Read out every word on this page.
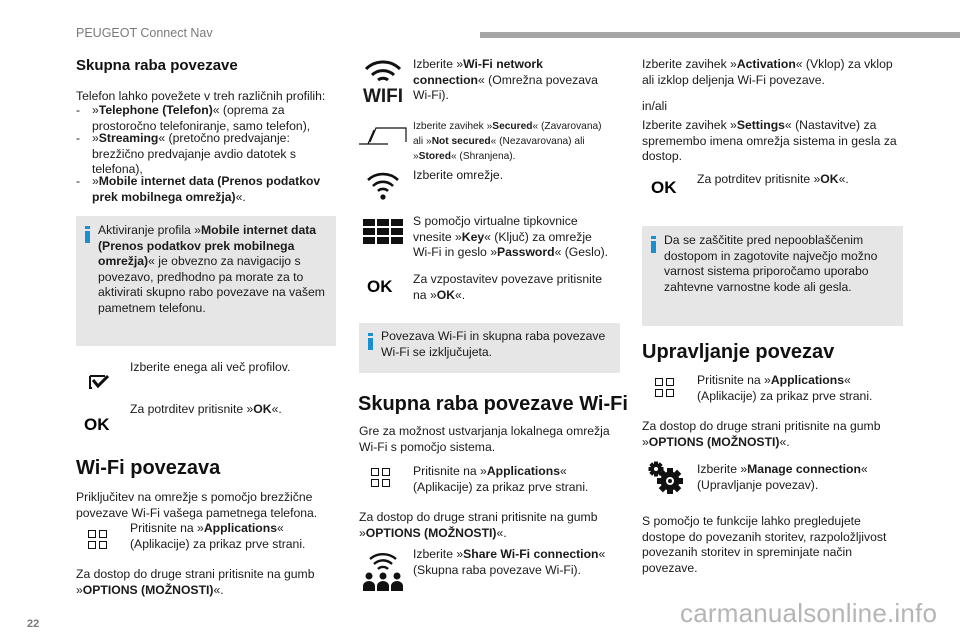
PEUGEOT Connect Nav
22	carmanualsonline.info
Skupna raba povezave
Telefon lahko povežete v treh različnih profilih:
- »Telephone (Telefon)« (oprema za
prostoročno telefoniranje, samo telefon),
- »Streaming« (pretočno predvajanje:
brezžično predvajanje avdio datotek s
telefona),
- »Mobile internet data (Prenos podatkov
prek mobilnega omrežja)«.
Aktiviranje profila »Mobile internet data
(Prenos podatkov prek mobilnega
omrežja)« je obvezno za navigacijo s
povezavo, predhodno pa morate za to
aktivirati skupno rabo povezave na vašem
pametnem telefonu.
Izberite enega ali več profilov.
OK
Za potrditev pritisnite »OK«.
Wi-Fi povezava
Priključitev na omrežje s pomočjo brezžične
povezave Wi-Fi vašega pametnega telefona.
Pritisnite na »Applications«
(Aplikacije) za prikaz prve strani.
Za dostop do druge strani pritisnite na gumb
»OPTIONS (MOŽNOSTI)«.
WIFI
Izberite »Wi-Fi network
connection« (Omrežna povezava
Wi-Fi).
Izberite zavihek »Secured« (Zavarovana)
ali »Not secured« (Nezavarovana) ali
»Stored« (Shranjena).
Izberite omrežje.
S pomočjo virtualne tipkovnice
vnesite »Key« (Ključ) za omrežje
Wi-Fi in geslo »Password« (Geslo).
OK Za vzpostavitev povezave pritisnite
na »OK«.
Povezava Wi-Fi in skupna raba povezave
Wi-Fi se izključujeta.
Skupna raba povezave Wi-Fi
Gre za možnost ustvarjanja lokalnega omrežja
Wi-Fi s pomočjo sistema.
Pritisnite na »Applications«
(Aplikacije) za prikaz prve strani.
Za dostop do druge strani pritisnite na gumb
»OPTIONS (MOŽNOSTI)«.
Izberite »Share Wi-Fi connection«
(Skupna raba povezave Wi-Fi).
Izberite zavihek »Activation« (Vklop) za vklop
ali izklop deljenja Wi-Fi povezave.
in/ali
Izberite zavihek »Settings« (Nastavitve) za
spremembo imena omrežja sistema in gesla za
dostop.
OK Za potrditev pritisnite »OK«.
Da se zaščitite pred nepooblaščenim
dostopom in zagotovite največjo možno
varnost sistema priporočamo uporabo
zahtevne varnostne kode ali gesla.
Upravljanje povezav
Pritisnite na »Applications«
(Aplikacije) za prikaz prve strani.
Za dostop do druge strani pritisnite na gumb
»OPTIONS (MOŽNOSTI)«.
Izberite »Manage connection«
(Upravljanje povezav).
S pomočjo te funkcije lahko pregledujete
dostope do povezanih storitev, razpoložljivost
povezanih storitev in spreminjate način
povezave.
